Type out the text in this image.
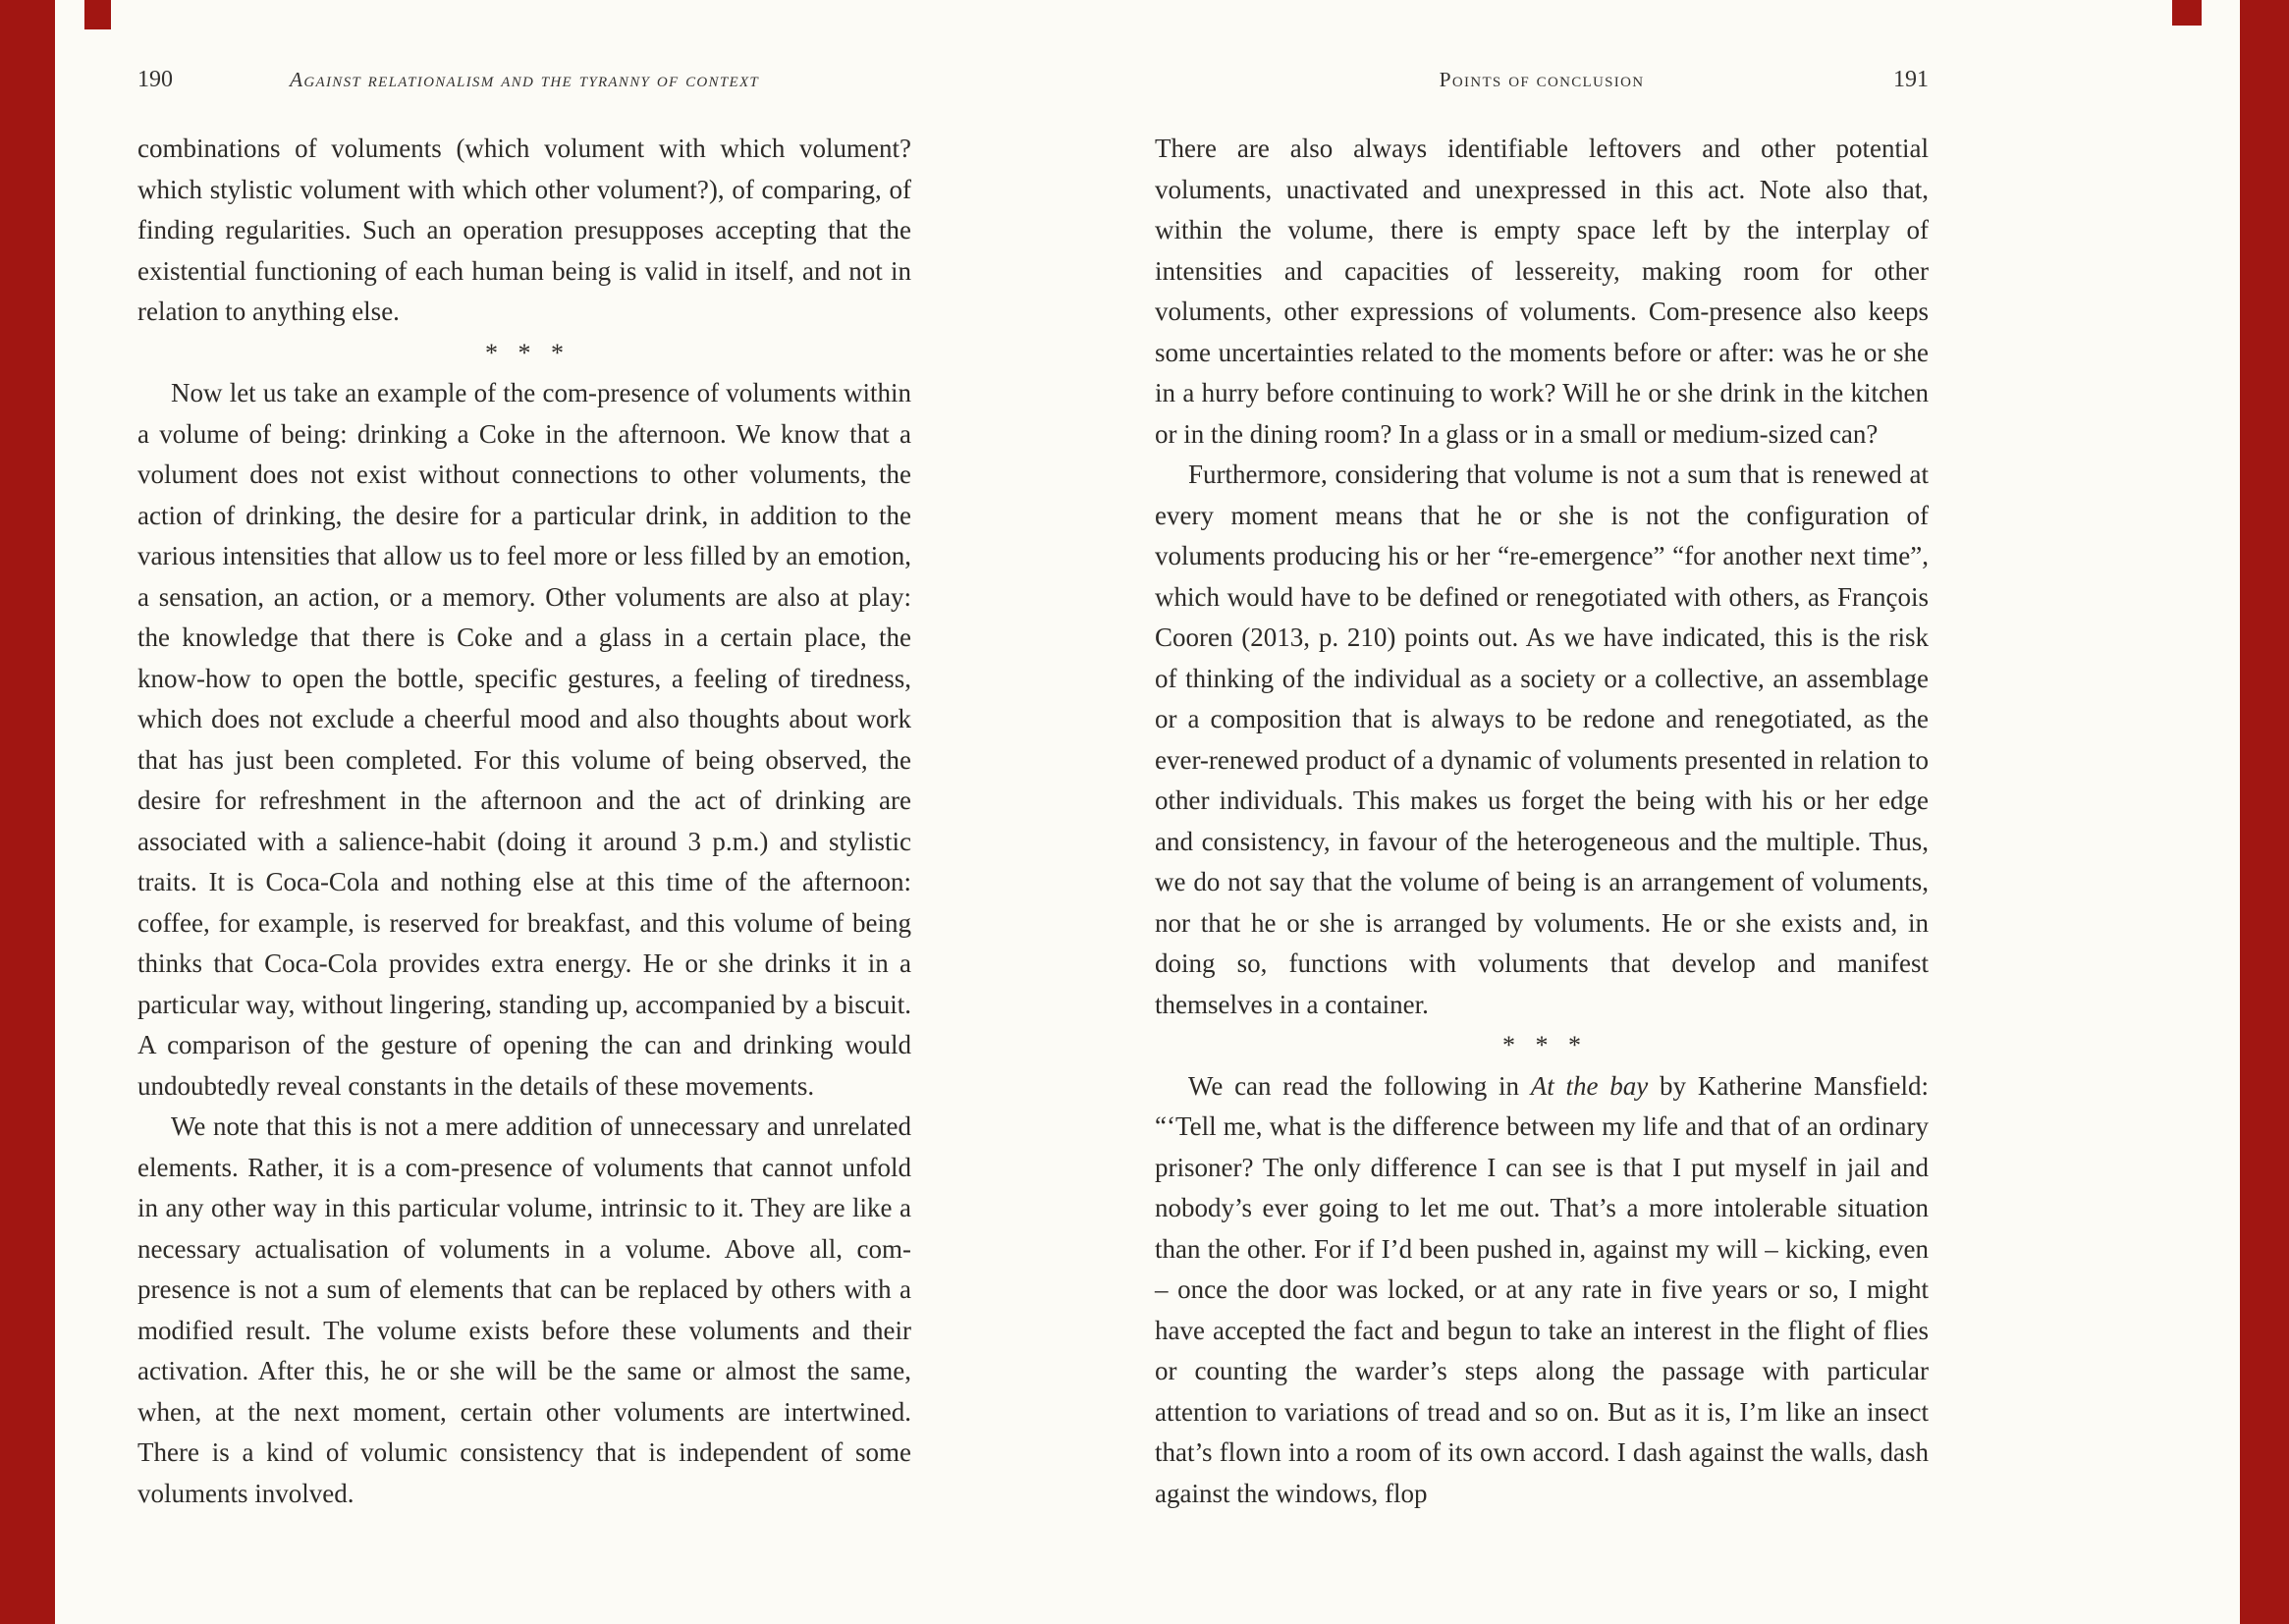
190	Against relationalism and the tyranny of context

combinations of voluments (which volument with which volument? which stylistic volument with which other volument?), of comparing, of finding regularities. Such an operation presupposes accepting that the existential functioning of each human being is valid in itself, and not in relation to anything else.

* * *

Now let us take an example of the com-presence of voluments within a volume of being: drinking a Coke in the afternoon. We know that a volument does not exist without connections to other voluments, the action of drinking, the desire for a particular drink, in addition to the various intensities that allow us to feel more or less filled by an emotion, a sensation, an action, or a memory. Other voluments are also at play: the knowledge that there is Coke and a glass in a certain place, the know-how to open the bottle, specific gestures, a feeling of tiredness, which does not exclude a cheerful mood and also thoughts about work that has just been completed. For this volume of being observed, the desire for refreshment in the afternoon and the act of drinking are associated with a salience-habit (doing it around 3 p.m.) and stylistic traits. It is Coca-Cola and nothing else at this time of the afternoon: coffee, for example, is reserved for breakfast, and this volume of being thinks that Coca-Cola provides extra energy. He or she drinks it in a particular way, without lingering, standing up, accompanied by a biscuit. A comparison of the gesture of opening the can and drinking would undoubtedly reveal constants in the details of these movements.

We note that this is not a mere addition of unnecessary and unrelated elements. Rather, it is a com-presence of voluments that cannot unfold in any other way in this particular volume, intrinsic to it. They are like a necessary actualisation of voluments in a volume. Above all, com-presence is not a sum of elements that can be replaced by others with a modified result. The volume exists before these voluments and their activation. After this, he or she will be the same or almost the same, when, at the next moment, certain other voluments are intertwined. There is a kind of volumic consistency that is independent of some voluments involved.

Points of conclusion	191

There are also always identifiable leftovers and other potential voluments, unactivated and unexpressed in this act. Note also that, within the volume, there is empty space left by the interplay of intensities and capacities of lessereity, making room for other voluments, other expressions of voluments. Com-presence also keeps some uncertainties related to the moments before or after: was he or she in a hurry before continuing to work? Will he or she drink in the kitchen or in the dining room? In a glass or in a small or medium-sized can?

Furthermore, considering that volume is not a sum that is renewed at every moment means that he or she is not the configuration of voluments producing his or her “re-emergence” “for another next time”, which would have to be defined or renegotiated with others, as François Cooren (2013, p. 210) points out. As we have indicated, this is the risk of thinking of the individual as a society or a collective, an assemblage or a composition that is always to be redone and renegotiated, as the ever-renewed product of a dynamic of voluments presented in relation to other individuals. This makes us forget the being with his or her edge and consistency, in favour of the heterogeneous and the multiple. Thus, we do not say that the volume of being is an arrangement of voluments, nor that he or she is arranged by voluments. He or she exists and, in doing so, functions with voluments that develop and manifest themselves in a container.

* * *

We can read the following in At the bay by Katherine Mansfield: “‘Tell me, what is the difference between my life and that of an ordinary prisoner? The only difference I can see is that I put myself in jail and nobody’s ever going to let me out. That’s a more intolerable situation than the other. For if I’d been pushed in, against my will – kicking, even – once the door was locked, or at any rate in five years or so, I might have accepted the fact and begun to take an interest in the flight of flies or counting the warder’s steps along the passage with particular attention to variations of tread and so on. But as it is, I’m like an insect that’s flown into a room of its own accord. I dash against the walls, dash against the windows, flop
